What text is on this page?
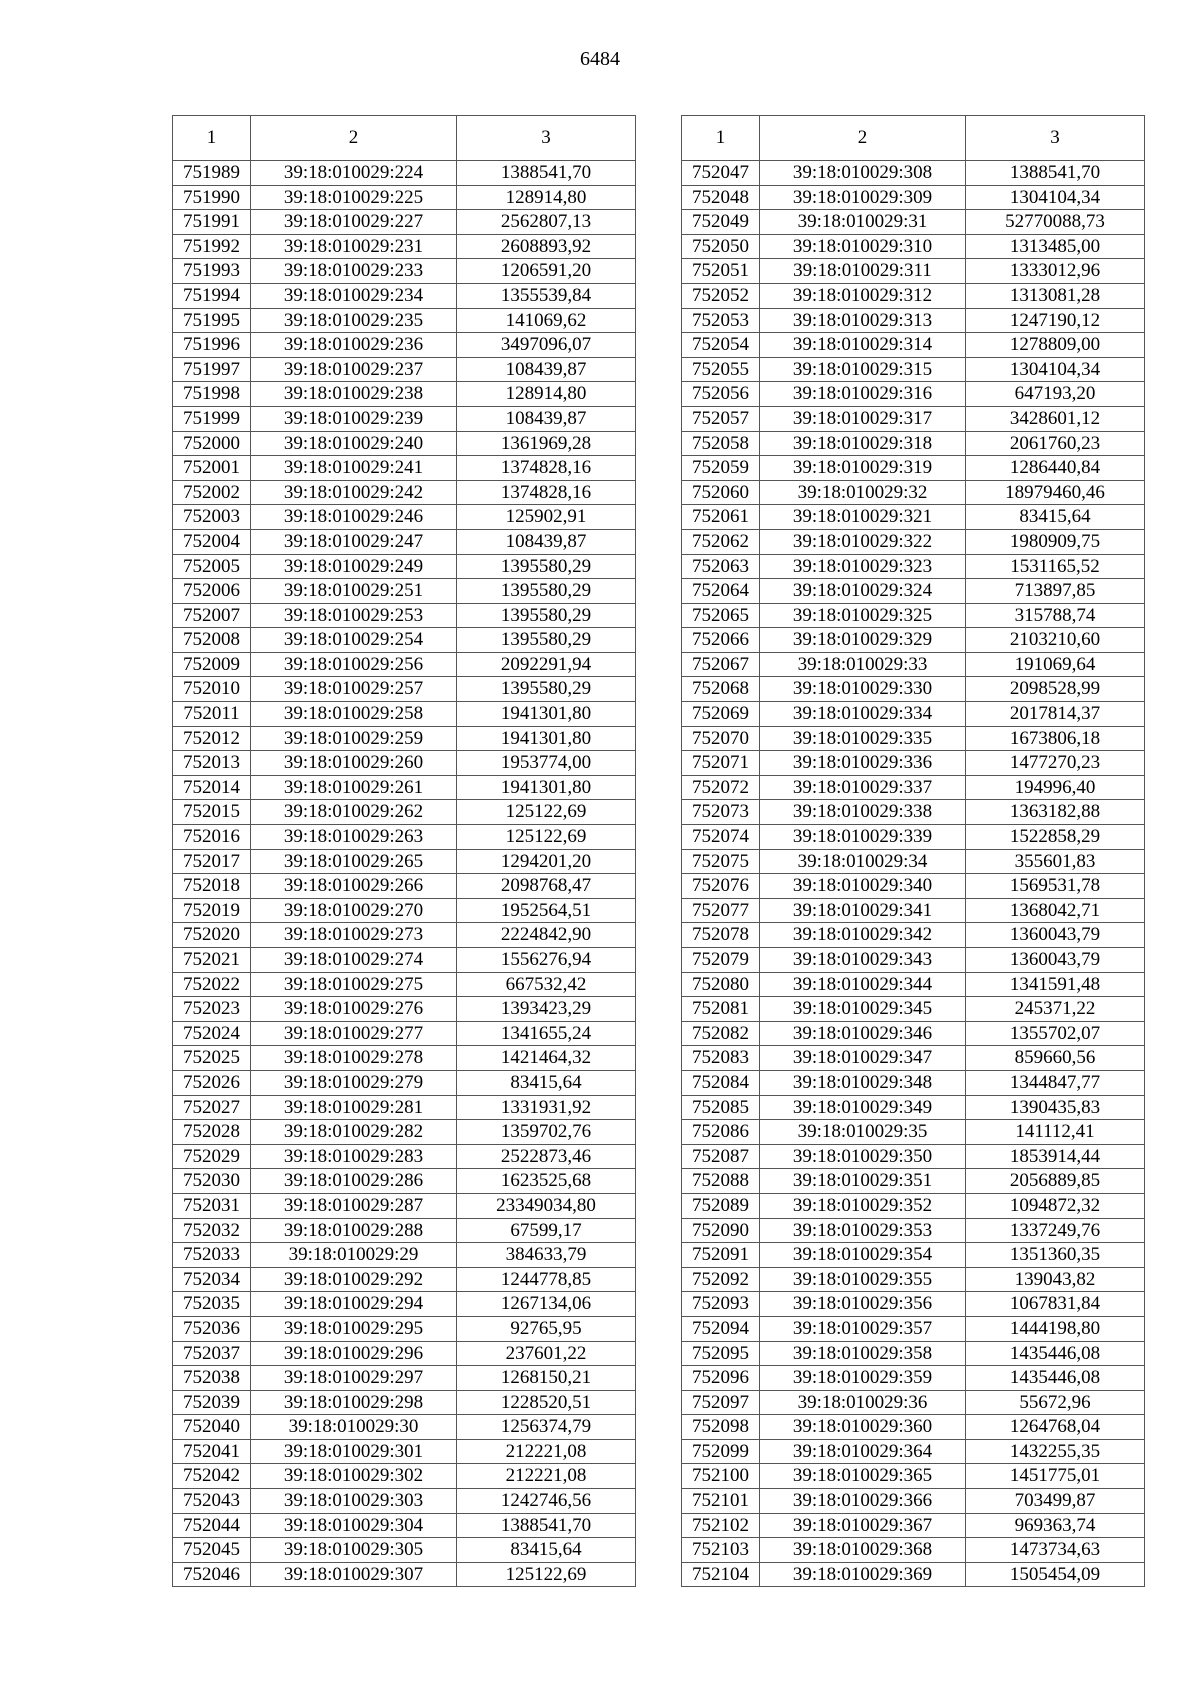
6484
1	2	3
751989	39:18:010029:224	1388541,70
751990	39:18:010029:225	128914,80
751991	39:18:010029:227	2562807,13
751992	39:18:010029:231	2608893,92
751993	39:18:010029:233	1206591,20
751994	39:18:010029:234	1355539,84
751995	39:18:010029:235	141069,62
751996	39:18:010029:236	3497096,07
751997	39:18:010029:237	108439,87
751998	39:18:010029:238	128914,80
751999	39:18:010029:239	108439,87
752000	39:18:010029:240	1361969,28
752001	39:18:010029:241	1374828,16
752002	39:18:010029:242	1374828,16
752003	39:18:010029:246	125902,91
752004	39:18:010029:247	108439,87
752005	39:18:010029:249	1395580,29
752006	39:18:010029:251	1395580,29
752007	39:18:010029:253	1395580,29
752008	39:18:010029:254	1395580,29
752009	39:18:010029:256	2092291,94
752010	39:18:010029:257	1395580,29
752011	39:18:010029:258	1941301,80
752012	39:18:010029:259	1941301,80
752013	39:18:010029:260	1953774,00
752014	39:18:010029:261	1941301,80
752015	39:18:010029:262	125122,69
752016	39:18:010029:263	125122,69
752017	39:18:010029:265	1294201,20
752018	39:18:010029:266	2098768,47
752019	39:18:010029:270	1952564,51
752020	39:18:010029:273	2224842,90
752021	39:18:010029:274	1556276,94
752022	39:18:010029:275	667532,42
752023	39:18:010029:276	1393423,29
752024	39:18:010029:277	1341655,24
752025	39:18:010029:278	1421464,32
752026	39:18:010029:279	83415,64
752027	39:18:010029:281	1331931,92
752028	39:18:010029:282	1359702,76
752029	39:18:010029:283	2522873,46
752030	39:18:010029:286	1623525,68
752031	39:18:010029:287	23349034,80
752032	39:18:010029:288	67599,17
752033	39:18:010029:29	384633,79
752034	39:18:010029:292	1244778,85
752035	39:18:010029:294	1267134,06
752036	39:18:010029:295	92765,95
752037	39:18:010029:296	237601,22
752038	39:18:010029:297	1268150,21
752039	39:18:010029:298	1228520,51
752040	39:18:010029:30	1256374,79
752041	39:18:010029:301	212221,08
752042	39:18:010029:302	212221,08
752043	39:18:010029:303	1242746,56
752044	39:18:010029:304	1388541,70
752045	39:18:010029:305	83415,64
752046	39:18:010029:307	125122,69
1	2	3
752047	39:18:010029:308	1388541,70
752048	39:18:010029:309	1304104,34
752049	39:18:010029:31	52770088,73
752050	39:18:010029:310	1313485,00
752051	39:18:010029:311	1333012,96
752052	39:18:010029:312	1313081,28
752053	39:18:010029:313	1247190,12
752054	39:18:010029:314	1278809,00
752055	39:18:010029:315	1304104,34
752056	39:18:010029:316	647193,20
752057	39:18:010029:317	3428601,12
752058	39:18:010029:318	2061760,23
752059	39:18:010029:319	1286440,84
752060	39:18:010029:32	18979460,46
752061	39:18:010029:321	83415,64
752062	39:18:010029:322	1980909,75
752063	39:18:010029:323	1531165,52
752064	39:18:010029:324	713897,85
752065	39:18:010029:325	315788,74
752066	39:18:010029:329	2103210,60
752067	39:18:010029:33	191069,64
752068	39:18:010029:330	2098528,99
752069	39:18:010029:334	2017814,37
752070	39:18:010029:335	1673806,18
752071	39:18:010029:336	1477270,23
752072	39:18:010029:337	194996,40
752073	39:18:010029:338	1363182,88
752074	39:18:010029:339	1522858,29
752075	39:18:010029:34	355601,83
752076	39:18:010029:340	1569531,78
752077	39:18:010029:341	1368042,71
752078	39:18:010029:342	1360043,79
752079	39:18:010029:343	1360043,79
752080	39:18:010029:344	1341591,48
752081	39:18:010029:345	245371,22
752082	39:18:010029:346	1355702,07
752083	39:18:010029:347	859660,56
752084	39:18:010029:348	1344847,77
752085	39:18:010029:349	1390435,83
752086	39:18:010029:35	141112,41
752087	39:18:010029:350	1853914,44
752088	39:18:010029:351	2056889,85
752089	39:18:010029:352	1094872,32
752090	39:18:010029:353	1337249,76
752091	39:18:010029:354	1351360,35
752092	39:18:010029:355	139043,82
752093	39:18:010029:356	1067831,84
752094	39:18:010029:357	1444198,80
752095	39:18:010029:358	1435446,08
752096	39:18:010029:359	1435446,08
752097	39:18:010029:36	55672,96
752098	39:18:010029:360	1264768,04
752099	39:18:010029:364	1432255,35
752100	39:18:010029:365	1451775,01
752101	39:18:010029:366	703499,87
752102	39:18:010029:367	969363,74
752103	39:18:010029:368	1473734,63
752104	39:18:010029:369	1505454,09
